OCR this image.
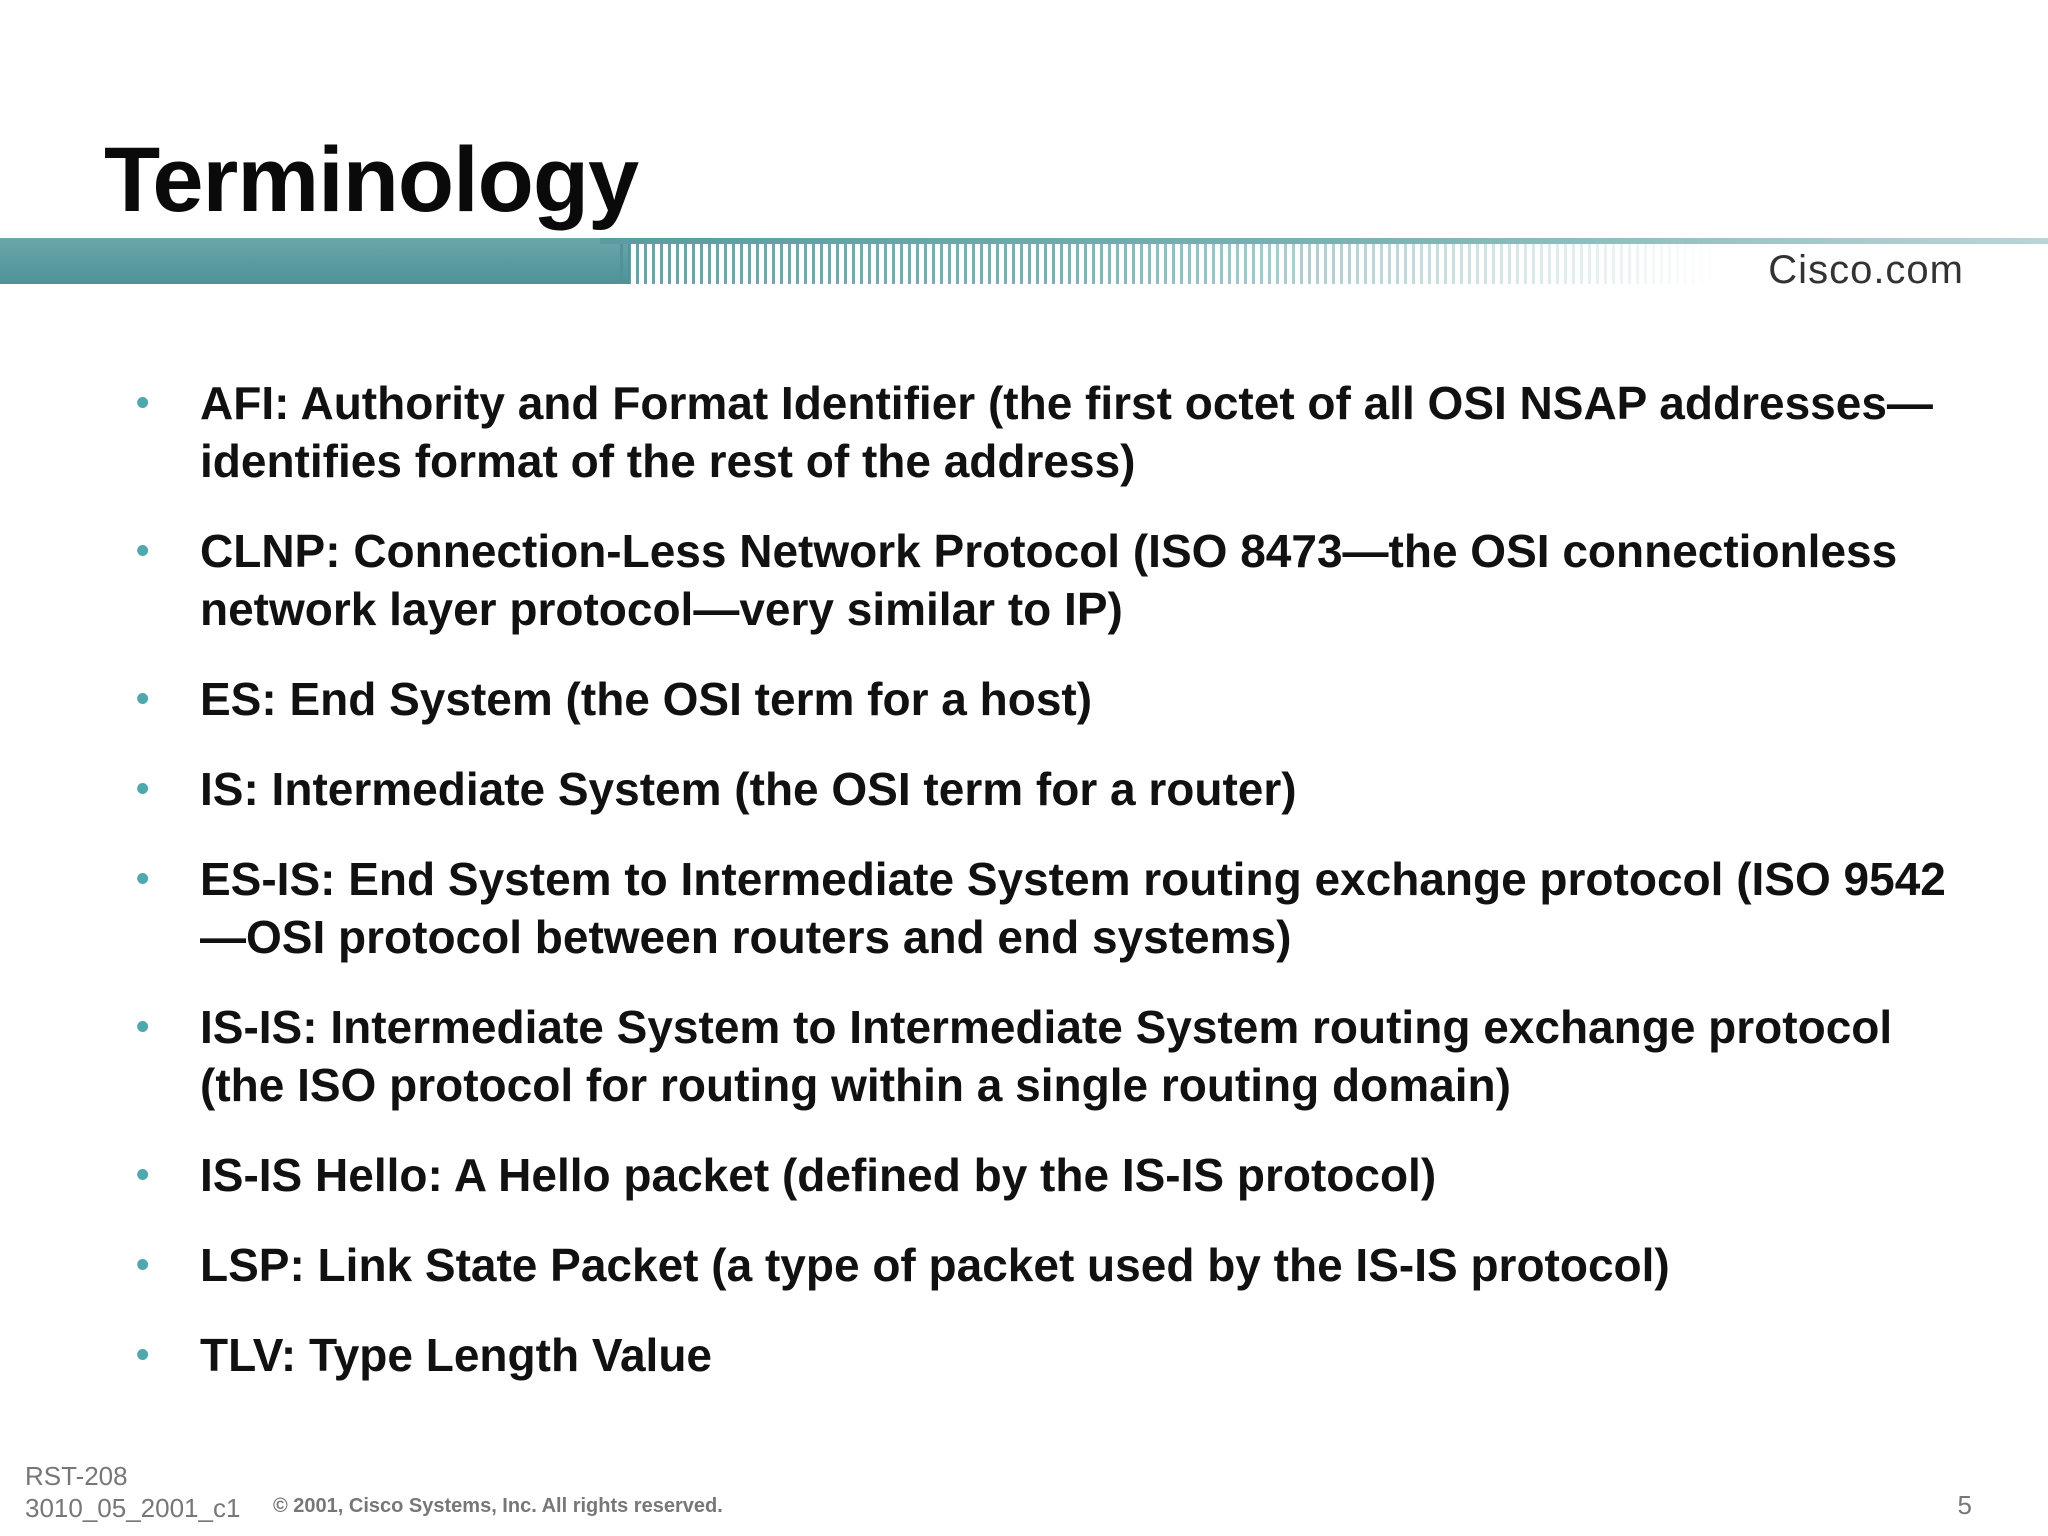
Terminology
Cisco.com
• AFI: Authority and Format Identifier (the first octet of all OSI NSAP addresses—identifies format of the rest of the address)
• CLNP: Connection-Less Network Protocol (ISO 8473—the OSI connectionless network layer protocol—very similar to IP)
• ES: End System (the OSI term for a host)
• IS: Intermediate System (the OSI term for a router)
• ES-IS: End System to Intermediate System routing exchange protocol (ISO 9542—OSI protocol between routers and end systems)
• IS-IS: Intermediate System to Intermediate System routing exchange protocol (the ISO protocol for routing within a single routing domain)
• IS-IS Hello: A Hello packet (defined by the IS-IS protocol)
• LSP: Link State Packet (a type of packet used by the IS-IS protocol)
• TLV: Type Length Value
RST-208
3010_05_2001_c1 © 2001, Cisco Systems, Inc. All rights reserved.	5
